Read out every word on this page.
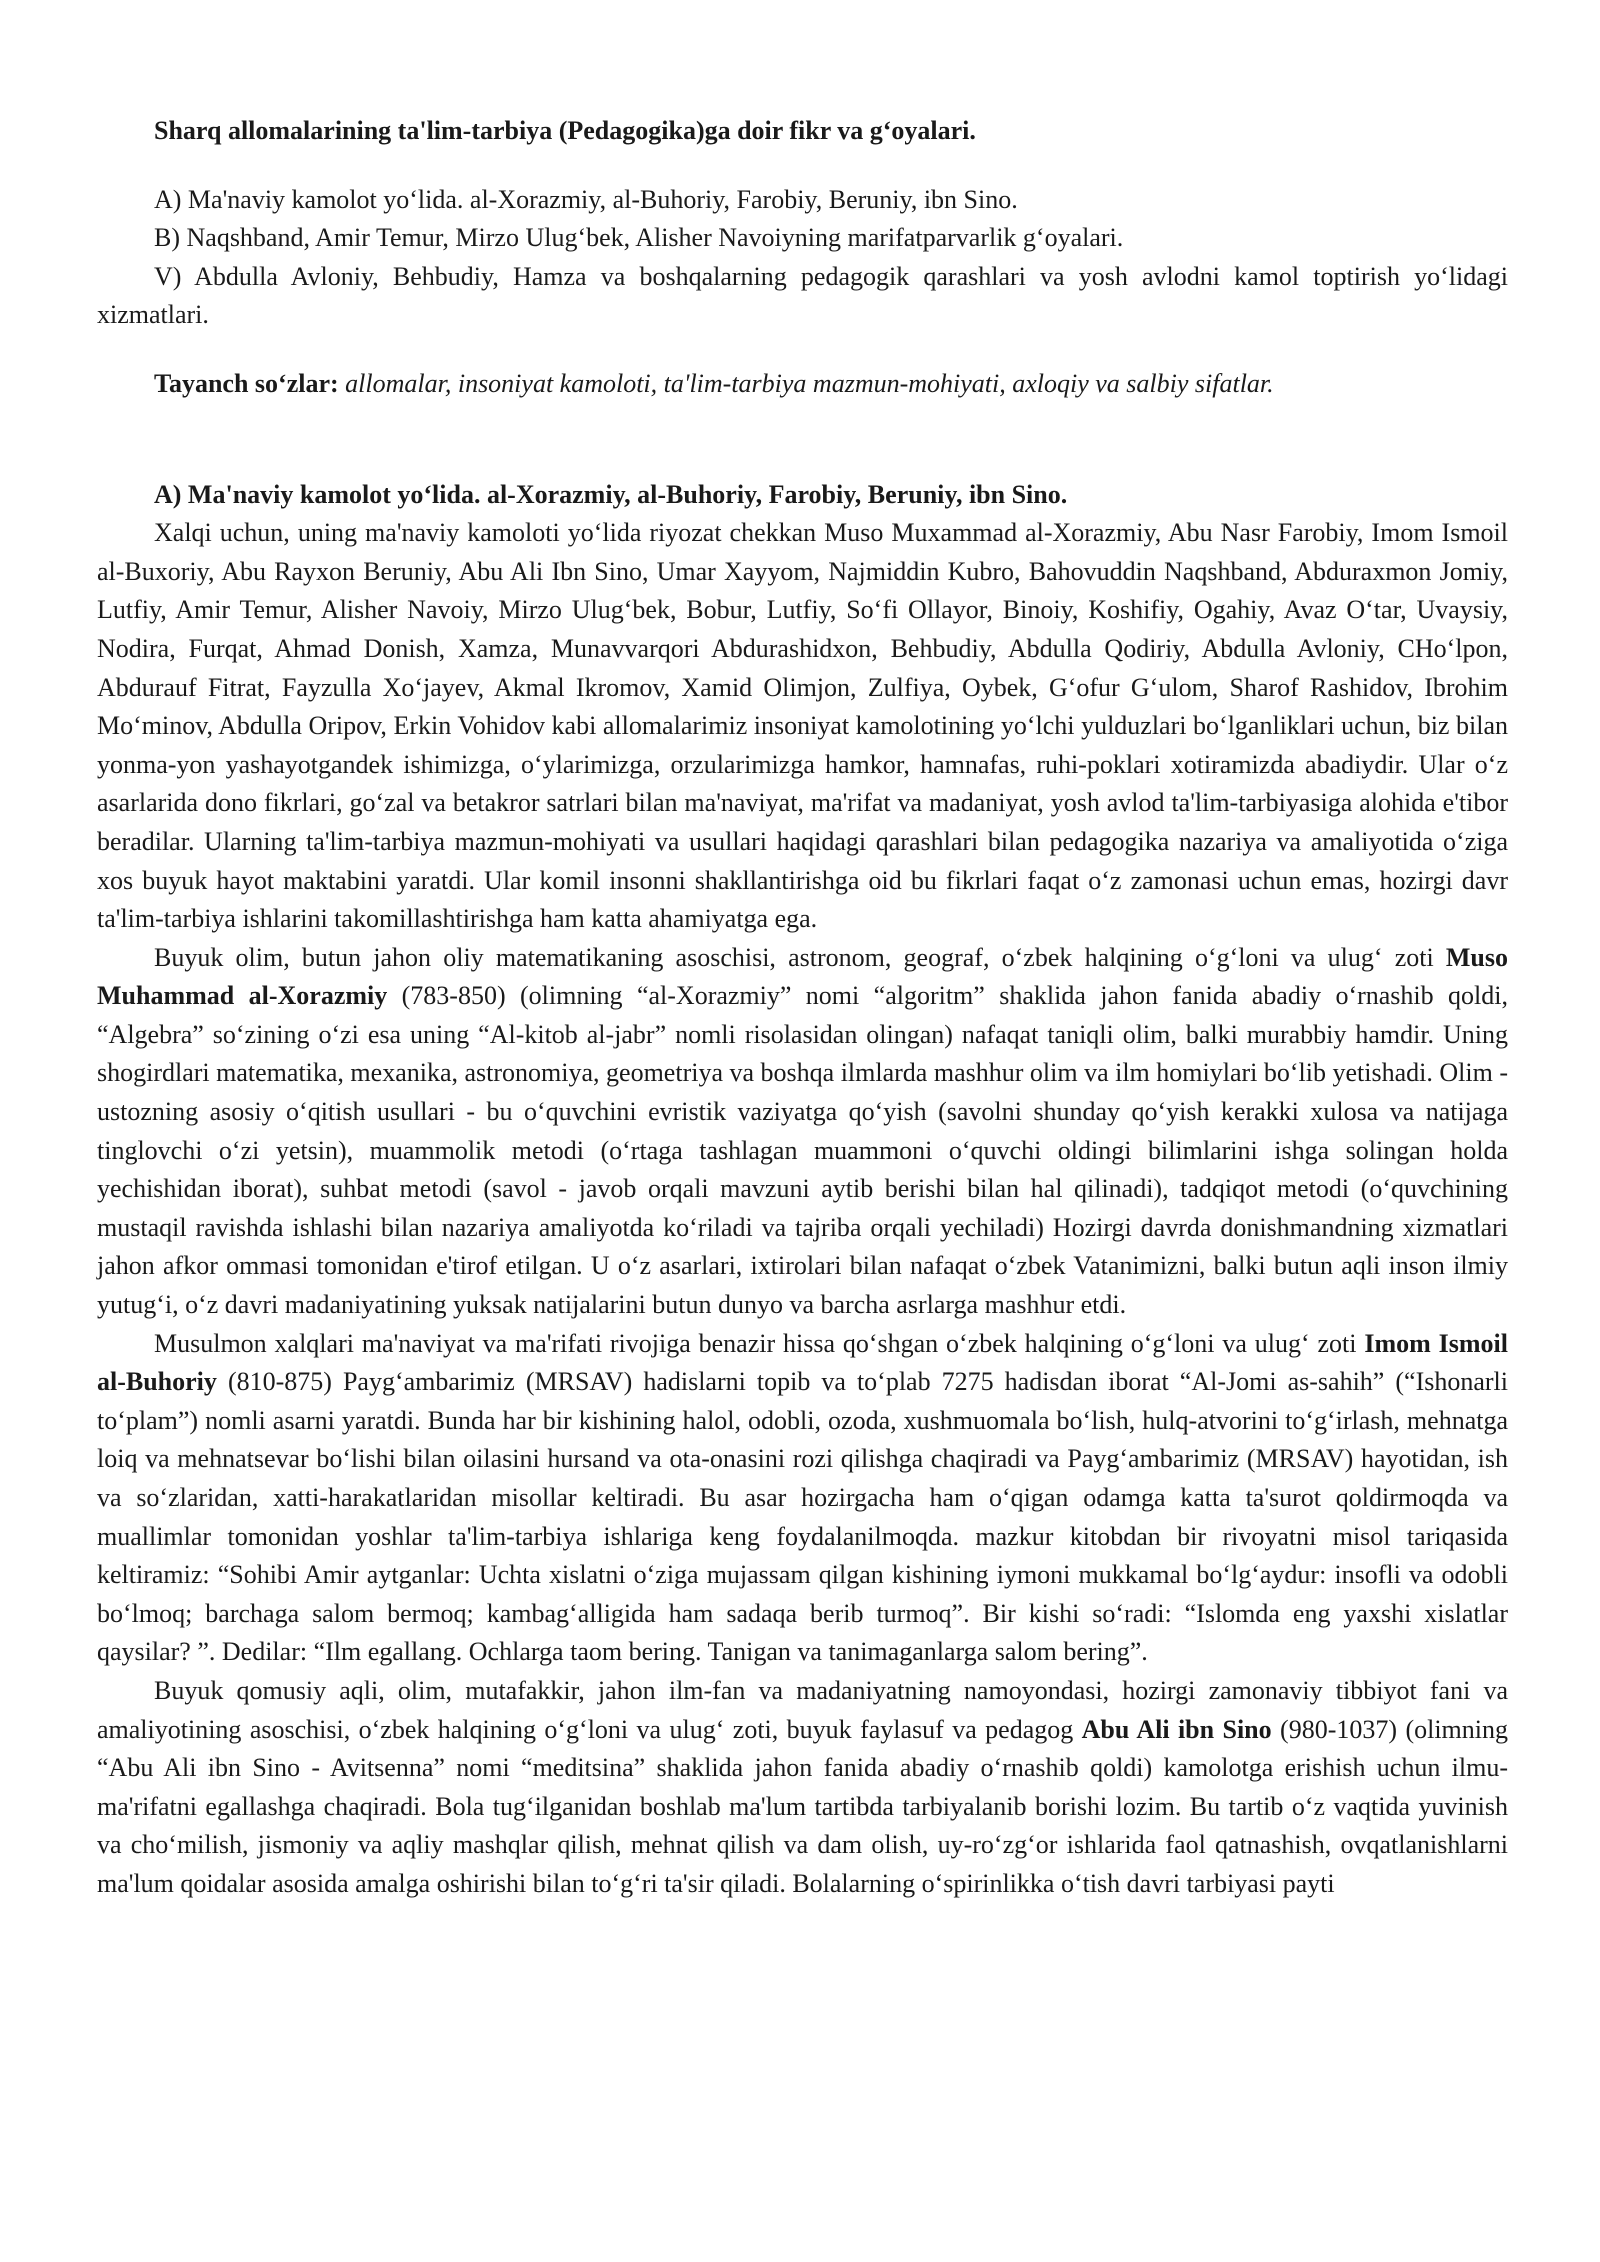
Sharq allomalarining ta'lim-tarbiya (Pedagogika)ga doir fikr va g‘oyalari.

A) Ma'naviy kamolot yo‘lida. al-Xorazmiy, al-Buhoriy, Farobiy, Beruniy, ibn Sino.

B) Naqshband, Amir Temur, Mirzo Ulug‘bek, Alisher Navoiyning marifatparvarlik g‘oyalari.

V) Abdulla Avloniy, Behbudiy, Hamza va boshqalarning pedagogik qarashlari va yosh avlodni kamol toptirish yo‘lidagi xizmatlari.

Tayanch so‘zlar: allomalar, insoniyat kamoloti, ta'lim-tarbiya mazmun-mohiyati, axloqiy va salbiy sifatlar.

A) Ma'naviy kamolot yo‘lida. al-Xorazmiy, al-Buhoriy, Farobiy, Beruniy, ibn Sino.

Xalqi uchun, uning ma'naviy kamoloti yo‘lida riyozat chekkan Muso Muxammad al-Xorazmiy, Abu Nasr Farobiy, Imom Ismoil al-Buxoriy, Abu Rayxon Beruniy, Abu Ali Ibn Sino, Umar Xayyom, Najmiddin Kubro, Bahovuddin Naqshband, Abduraxmon Jomiy, Lutfiy, Amir Temur, Alisher Navoiy, Mirzo Ulug‘bek, Bobur, Lutfiy, So‘fi Ollayor, Binoiy, Koshifiy, Ogahiy, Avaz O‘tar, Uvaysiy, Nodira, Furqat, Ahmad Donish, Xamza, Munavvarqori Abdurashidxon, Behbudiy, Abdulla Qodiriy, Abdulla Avloniy, CHo‘lpon, Abdurauf Fitrat, Fayzulla Xo‘jayev, Akmal Ikromov, Xamid Olimjon, Zulfiya, Oybek, G‘ofur G‘ulom, Sharof Rashidov, Ibrohim Mo‘minov, Abdulla Oripov, Erkin Vohidov kabi allomalarimiz insoniyat kamolotining yo‘lchi yulduzlari bo‘lganliklari uchun, biz bilan yonma-yon yashayotgandek ishimizga, o‘ylarimizga, orzularimizga hamkor, hamnafas, ruhi-poklari xotiramizda abadiydir. Ular o‘z asarlarida dono fikrlari, go‘zal va betakror satrlari bilan ma'naviyat, ma'rifat va madaniyat, yosh avlod ta'lim-tarbiyasiga alohida e'tibor beradilar. Ularning ta'lim-tarbiya mazmun-mohiyati va usullari haqidagi qarashlari bilan pedagogika nazariya va amaliyotida o‘ziga xos buyuk hayot maktabini yaratdi. Ular komil insonni shakllantirishga oid bu fikrlari faqat o‘z zamonasi uchun emas, hozirgi davr ta'lim-tarbiya ishlarini takomillashtirishga ham katta ahamiyatga ega.

Buyuk olim, butun jahon oliy matematikaning asoschisi, astronom, geograf, o‘zbek halqining o‘g‘loni va ulug‘ zoti Muso Muhammad al-Xorazmiy (783-850) (olimning “al-Xorazmiy” nomi “algoritm” shaklida jahon fanida abadiy o‘rnashib qoldi, “Algebra” so‘zining o‘zi esa uning “Al-kitob al-jabr” nomli risolasidan olingan) nafaqat taniqli olim, balki murabbiy hamdir. Uning shogirdlari matematika, mexanika, astronomiya, geometriya va boshqa ilmlarda mashhur olim va ilm homiylari bo‘lib yetishadi. Olim - ustozning asosiy o‘qitish usullari - bu o‘quvchini evristik vaziyatga qo‘yish (savolni shunday qo‘yish kerakki xulosa va natijaga tinglovchi o‘zi yetsin), muammolik metodi (o‘rtaga tashlagan muammoni o‘quvchi oldingi bilimlarini ishga solingan holda yechishidan iborat), suhbat metodi (savol - javob orqali mavzuni aytib berishi bilan hal qilinadi), tadqiqot metodi (o‘quvchining mustaqil ravishda ishlashi bilan nazariya amaliyotda ko‘riladi va tajriba orqali yechiladi) Hozirgi davrda donishmandning xizmatlari jahon afkor ommasi tomonidan e'tirof etilgan. U o‘z asarlari, ixtirolari bilan nafaqat o‘zbek Vatanimizni, balki butun aqli inson ilmiy yutug‘i, o‘z davri madaniyatining yuksak natijalarini butun dunyo va barcha asrlarga mashhur etdi.

Musulmon xalqlari ma'naviyat va ma'rifati rivojiga benazir hissa qo‘shgan o‘zbek halqining o‘g‘loni va ulug‘ zoti Imom Ismoil al-Buhoriy (810-875) Payg‘ambarimiz (MRSAV) hadislarni topib va to‘plab 7275 hadisdan iborat “Al-Jomi as-sahih” (“Ishonarli to‘plam”) nomli asarni yaratdi. Bunda har bir kishining halol, odobli, ozoda, xushmuomala bo‘lish, hulq-atvorini to‘g‘irlash, mehnatga loiq va mehnatsevar bo‘lishi bilan oilasini hursand va ota-onasini rozi qilishga chaqiradi va Payg‘ambarimiz (MRSAV) hayotidan, ish va so‘zlaridan, xatti-harakatlaridan misollar keltiradi. Bu asar hozirgacha ham o‘qigan odamga katta ta'surot qoldirmoqda va muallimlar tomonidan yoshlar ta'lim-tarbiya ishlariga keng foydalanilmoqda. mazkur kitobdan bir rivoyatni misol tariqasida keltiramiz: “Sohibi Amir aytganlar: Uchta xislatni o‘ziga mujassam qilgan kishining iymoni mukkamal bo‘lg‘aydur: insofli va odobli bo‘lmoq; barchaga salom bermoq; kambag‘alligida ham sadaqa berib turmoq”. Bir kishi so‘radi: “Islomda eng yaxshi xislatlar qaysilar? ”. Dedilar: “Ilm egallang. Ochlarga taom bering. Tanigan va tanimaganlarga salom bering”.

Buyuk qomusiy aqli, olim, mutafakkir, jahon ilm-fan va madaniyatning namoyondasi, hozirgi zamonaviy tibbiyot fani va amaliyotining asoschisi, o‘zbek halqining o‘g‘loni va ulug‘ zoti, buyuk faylasuf va pedagog Abu Ali ibn Sino (980-1037) (olimning “Abu Ali ibn Sino - Avitsenna” nomi “meditsina” shaklida jahon fanida abadiy o‘rnashib qoldi) kamolotga erishish uchun ilmu-ma'rifatni egallashga chaqiradi. Bola tug‘ilganidan boshlab ma'lum tartibda tarbiyalanib borishi lozim. Bu tartib o‘z vaqtida yuvinish va cho‘milish, jismoniy va aqliy mashqlar qilish, mehnat qilish va dam olish, uy-ro‘zg‘or ishlarida faol qatnashish, ovqatlanishlarni ma'lum qoidalar asosida amalga oshirishi bilan to‘g‘ri ta'sir qiladi. Bolalarning o‘spirinlikka o‘tish davri tarbiyasi payti
